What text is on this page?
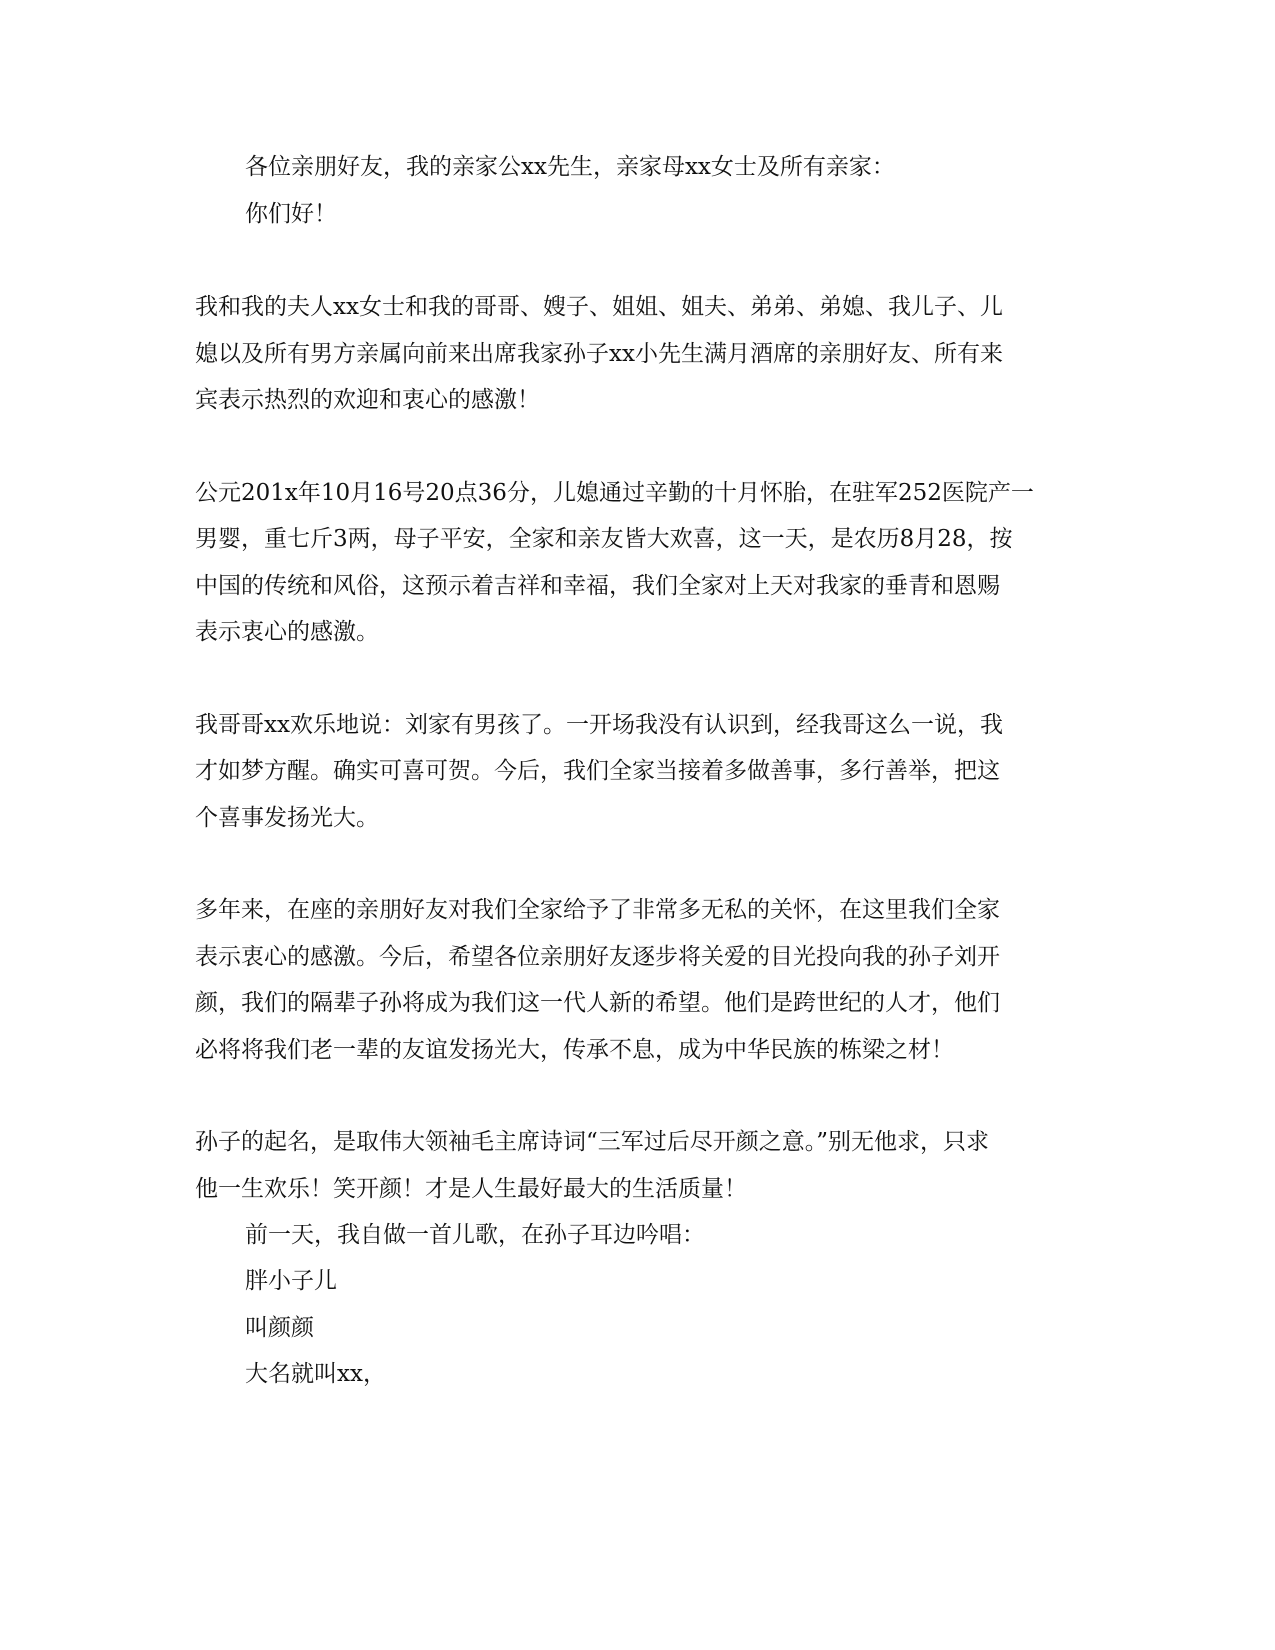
各位亲朋好友，我的亲家公xx先生，亲家母xx女士及所有亲家：
你们好！
我和我的夫人xx女士和我的哥哥、嫂子、姐姐、姐夫、弟弟、弟媳、我儿子、儿
媳以及所有男方亲属向前来出席我家孙子xx小先生满月酒席的亲朋好友、所有来
宾表示热烈的欢迎和衷心的感激！
公元201x年10月16号20点36分，儿媳通过辛勤的十月怀胎，在驻军252医院产一
男婴，重七斤3两，母子平安，全家和亲友皆大欢喜，这一天，是农历8月28，按
中国的传统和风俗，这预示着吉祥和幸福，我们全家对上天对我家的垂青和恩赐
表示衷心的感激。
我哥哥xx欢乐地说：刘家有男孩了。一开场我没有认识到，经我哥这么一说，我
才如梦方醒。确实可喜可贺。今后，我们全家当接着多做善事，多行善举，把这
个喜事发扬光大。
多年来，在座的亲朋好友对我们全家给予了非常多无私的关怀，在这里我们全家
表示衷心的感激。今后，希望各位亲朋好友逐步将关爱的目光投向我的孙子刘开
颜，我们的隔辈子孙将成为我们这一代人新的希望。他们是跨世纪的人才，他们
必将将我们老一辈的友谊发扬光大，传承不息，成为中华民族的栋梁之材！
孙子的起名，是取伟大领袖毛主席诗词“三军过后尽开颜之意。”别无他求，只求
他一生欢乐！笑开颜！才是人生最好最大的生活质量！
前一天，我自做一首儿歌，在孙子耳边吟唱：
胖小子儿
叫颜颜
大名就叫xx，
